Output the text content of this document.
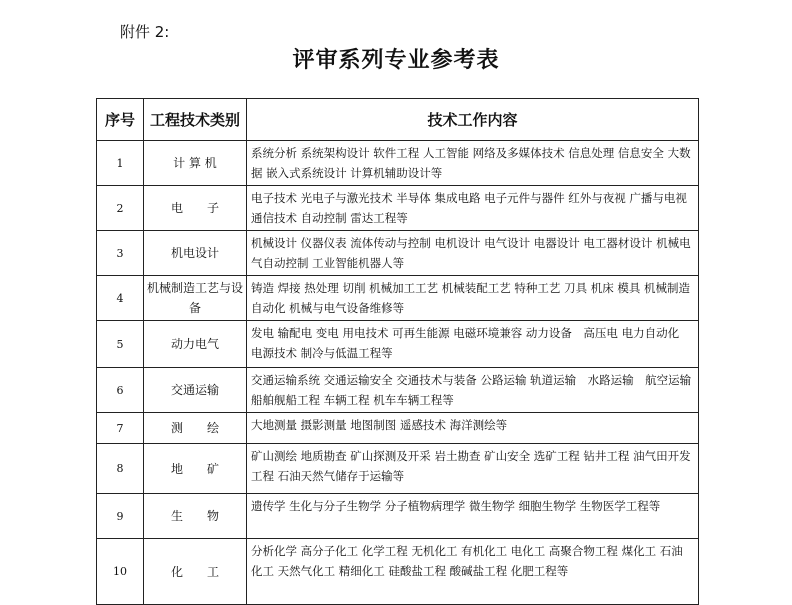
附件 2:
评审系列专业参考表
序号	工程技术类别	技术工作内容
1	计 算 机	系统分析 系统架构设计 软件工程 人工智能 网络及多媒体技术 信息处理 信息安全 大数据 嵌入式系统设计 计算机辅助设计等
2	电　　子	电子技术 光电子与激光技术 半导体 集成电路 电子元件与器件 红外与夜视 广播与电视 通信技术 自动控制 雷达工程等
3	机电设计	机械设计 仪器仪表 流体传动与控制 电机设计 电气设计 电器设计 电工器材设计 机械电气自动控制 工业智能机器人等
4	机械制造工艺与设备	铸造 焊接 热处理 切削 机械加工工艺 机械装配工艺 特种工艺 刀具 机床 模具 机械制造自动化 机械与电气设备维修等
5	动力电气	发电 输配电 变电 用电技术 可再生能源 电磁环境兼容 动力设备　高压电 电力自动化 电源技术 制冷与低温工程等
6	交通运输	交通运输系统 交通运输安全 交通技术与装备 公路运输 轨道运输　水路运输　航空运输 船舶舰船工程 车辆工程 机车车辆工程等
7	测　　绘	大地测量 摄影测量 地图制图 遥感技术 海洋测绘等
8	地　　矿	矿山测绘 地质勘查 矿山探测及开采 岩土勘查 矿山安全 选矿工程 钻井工程 油气田开发工程 石油天然气储存于运输等
9	生　　物	遗传学 生化与分子生物学 分子植物病理学 微生物学 细胞生物学 生物医学工程等
10	化　　工	分析化学 高分子化工 化学工程 无机化工 有机化工 电化工 高聚合物工程 煤化工 石油化工 天然气化工 精细化工 硅酸盐工程 酸碱盐工程 化肥工程等
